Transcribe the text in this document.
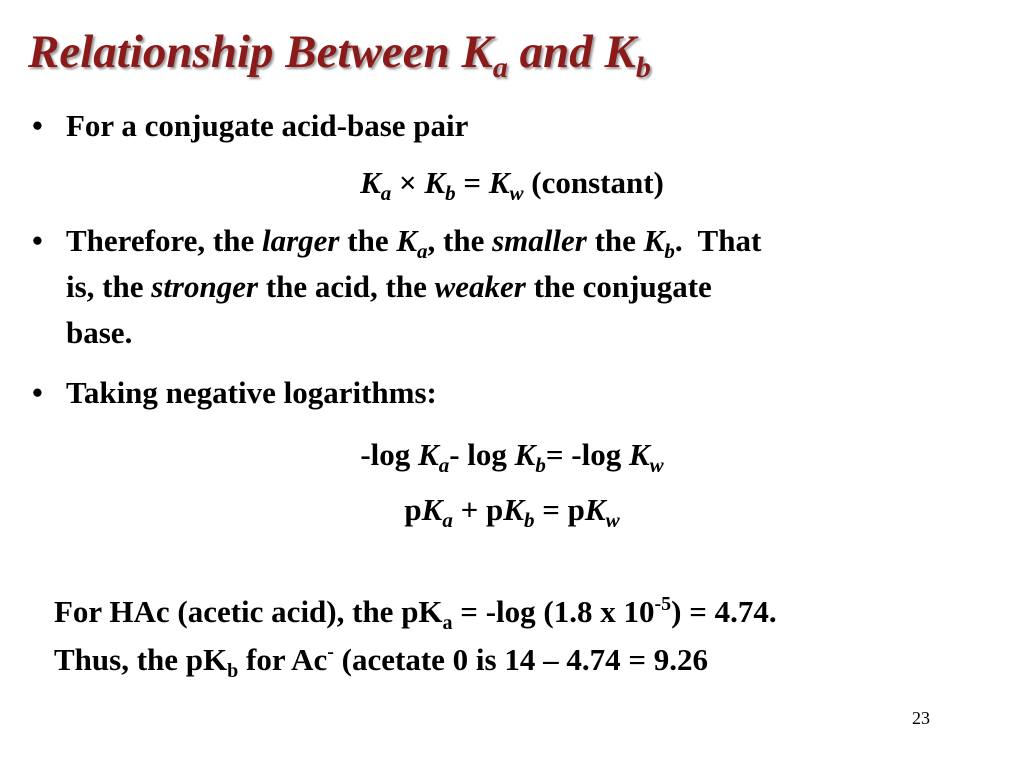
Relationship Between $K_a$ and $K_b$
• For a conjugate acid-base pair
$K_a \times K_b = K_w$ (constant)
• Therefore, the larger the $K_a$, the smaller the $K_b$.  That
is, the stronger the acid, the weaker the conjugate
base.
• Taking negative logarithms:
-log $K_a-$ $\log K_b= -\log$ $K_w$
$pK_a + pK_b = pK_w$
For HAc (acetic acid), the $pK_a = -\log$ (1.8 x $10^{-5}) = 4.74$.
Thus, the $pK_b$ for Ac- (acetate 0 is 14 – 4.74 = 9.26
23
